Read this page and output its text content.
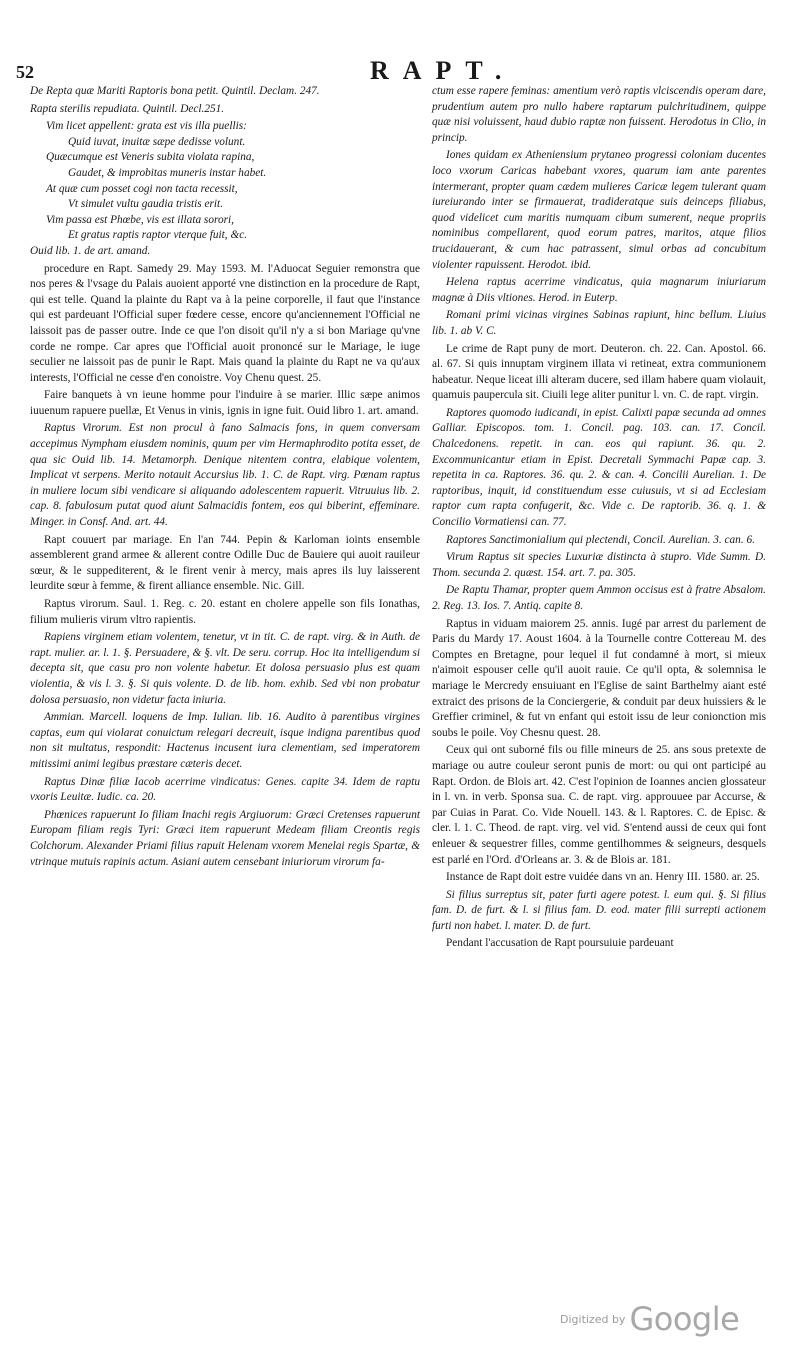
52	RAPT.

De Repta quæ Mariti Raptoris bona petit. Quintil. Declam. 247.

Rapta sterilis repudiata. Quintil. Decl.251.

Vim licet appellent: grata est vis illa puellis:
Quid iuvat, inuitæ sæpe dedisse volunt.
Quæcumque est Veneris subita violata rapina,
Gaudet, & improbitas muneris instar habet.
At quæ cum posset cogi non tacta recessit,
Vt simulet vultu gaudia tristis erit.
Vim passa est Phœbe, vis est illata sorori,
Et gratus raptis raptor vterque fuit, &c.

Ouid lib. 1. de art. amand.

procedure en Rapt. Samedy 29. May 1593. M. l'Aduocat Seguier remonstra que nos peres & l'vsage du Palais auoient apporté vne distinction en la procedure de Rapt, qui est telle. Quand la plainte du Rapt va à la peine corporelle, il faut que l'instance qui est pardeuant l'Official super fœdere cesse, encore qu'anciennement l'Official ne laissoit pas de passer outre. Inde ce que l'on disoit qu'il n'y a si bon Mariage qu'vne corde ne rompe. Car apres que l'Official auoit prononcé sur le Mariage, le iuge seculier ne laissoit pas de punir le Rapt. Mais quand la plainte du Rapt ne va qu'aux interests, l'Official ne cesse d'en conoistre. Voy Chenu quest. 25.

Faire banquets à vn ieune homme pour l'induire à se marier. Illic sæpe animos iuuenum rapuere puellæ, Et Venus in vinis, ignis in igne fuit. Ouid libro 1. art. amand.

Raptus Virorum. Est non procul à fano Salmacis fons, in quem conversam accepimus Nympham eiusdem nominis, quum per vim Hermaphrodito potita esset, de qua sic Ouid lib. 14. Metamorph. Denique nitentem contra, elabique volentem, Implicat vt serpens. Merito notauit Accursius lib. 1. C. de Rapt. virg. Pœnam raptus in muliere locum sibi vendicare si aliquando adolescentem rapuerit. Vitruuius lib. 2. cap. 8. fabulosum putat quod aiunt Salmacidis fontem, eos qui biberint, effeminare. Minger. in Consf. And. art. 44.

Rapt couuert par mariage. En l'an 744. Pepin & Karloman ioints ensemble assemblerent grand armee & allerent contre Odille Duc de Bauiere qui auoit rauileur sœur, & le suppediterent, & le firent venir à mercy, mais apres ils luy laisserent leurdite sœur à femme, & firent alliance ensemble. Nic. Gill.

Raptus virorum. Saul. 1. Reg. c. 20. estant en cholere appelle son fils Ionathas, filium mulieris virum vltro rapientis.

Rapiens virginem etiam volentem, tenetur, vt in tit. C. de rapt. virg. & in Auth. de rapt. mulier. ar. l. 1. §. Persuadere, & §. vlt. De seru. corrup. Hoc ita intelligendum si decepta sit, que casu pro non volente habetur. Et dolosa persuasio plus est quam violentia, & vis l. 3. §. Si quis volente. D. de lib. hom. exhib. Sed vbi non probatur dolosa persuasio, non videtur facta iniuria.

Ammian. Marcell. loquens de Imp. Iulian. lib. 16. Audito à parentibus virgines captas, eum qui violarat conuictum relegari decreuit, isque indigna parentibus quod non sit multatus, respondit: Hactenus incusent iura clementiam, sed imperatorem mitissimi animi legibus præstare cæteris decet.

Raptus Dinæ filiæ Iacob acerrime vindicatus: Genes. capite 34. Idem de raptu vxoris Leuitæ. Iudic. ca. 20.

Phœnices rapuerunt Io filiam Inachi regis Argiuorum: Græci Cretenses rapuerunt Europam filiam regis Tyri: Græci item rapuerunt Medeam filiam Creontis regis Colchorum. Alexander Priami filius rapuit Helenam vxorem Menelai regis Spartæ, & vtrinque mutuis rapinis actum. Asiani autem censebant iniuriorum virorum fa-

ctum esse rapere feminas: amentium verò raptis vlciscendis operam dare, prudentium autem pro nullo habere raptarum pulchritudinem, quippe quæ nisi voluissent, haud dubio raptæ non fuissent. Herodotus in Clio, in princip.

Iones quidam ex Atheniensium prytaneo progressi coloniam ducentes loco vxorum Caricas habebant vxores, quarum iam ante parentes intermerant, propter quam cædem mulieres Caricæ legem tulerant quam iureiurando inter se firmauerat, tradideratque suis deinceps filiabus, quod videlicet cum maritis numquam cibum sumerent, neque propriis nominibus compellarent, quod eorum patres, maritos, atque filios trucidauerant, & cum hac patrassent, simul orbas ad concubitum violenter rapuissent. Herodot. ibid.

Helena raptus acerrime vindicatus, quia magnarum iniuriarum magnæ à Diis vltiones. Herod. in Euterp.

Romani primi vicinas virgines Sabinas rapiunt, hinc bellum. Liuius lib. 1. ab V. C.

Le crime de Rapt puny de mort. Deuteron. ch. 22. Can. Apostol. 66. al. 67. Si quis innuptam virginem illata vi retineat, extra communionem habeatur. Neque liceat illi alteram ducere, sed illam habere quam violauit, quamuis paupercula sit. Ciuili lege aliter punitur l. vn. C. de rapt. virgin.

Raptores quomodo iudicandi, in epist. Calixti papæ secunda ad omnes Galliar. Episcopos. tom. 1. Concil. pag. 103. can. 17. Concil. Chalcedonens. repetit. in can. eos qui rapiunt. 36. qu. 2. Excommunicantur etiam in Epist. Decretali Symmachi Papæ cap. 3. repetita in ca. Raptores. 36. qu. 2. & can. 4. Concilii Aurelian. 1. De raptoribus, inquit, id constituendum esse cuiusuis, vt si ad Ecclesiam raptor cum rapta confugerit, &c. Vide c. De raptorib. 36. q. 1. & Concilio Vormatiensi can. 77.

Raptores Sanctimonialium qui plectendi, Concil. Aurelian. 3. can. 6.

Virum Raptus sit species Luxuriæ distincta à stupro. Vide Summ. D. Thom. secunda 2. quæst. 154. art. 7. pa. 305.

De Raptu Thamar, propter quem Ammon occisus est à fratre Absalom. 2. Reg. 13. Ios. 7. Antiq. capite 8.

Raptus in viduam maiorem 25. annis. Iugé par arrest du parlement de Paris du Mardy 17. Aoust 1604. à la Tournelle contre Cottereau M. des Comptes en Bretagne, pour lequel il fut condamné à mort, si mieux n'aimoit espouser celle qu'il auoit rauie. Ce qu'il opta, & solemnisa le mariage le Mercredy ensuiuant en l'Eglise de saint Barthelmy aiant esté extraict des prisons de la Conciergerie, & conduit par deux huissiers & le Greffier criminel, & fut vn enfant qui estoit issu de leur conionction mis soubs le poile. Voy Chesnu quest. 28.

Ceux qui ont suborné fils ou fille mineurs de 25. ans sous pretexte de mariage ou autre couleur seront punis de mort: ou qui ont participé au Rapt. Ordon. de Blois art. 42. C'est l'opinion de Ioannes ancien glossateur in l. vn. in verb. Sponsa sua. C. de rapt. virg. approuuee par Accurse, & par Cuias in Parat. Co. Vide Nouell. 143. & l. Raptores. C. de Episc. & cler. l. 1. C. Theod. de rapt. virg. vel vid. S'entend aussi de ceux qui font enleuer & sequestrer filles, comme gentilhommes & seigneurs, desquels est parlé en l'Ord. d'Orleans ar. 3. & de Blois ar. 181.

Instance de Rapt doit estre vuidée dans vn an. Henry III. 1580. ar. 25.

Si filius surreptus sit, pater furti agere potest. l. eum qui. §. Si filius fam. D. de furt. & l. si filius fam. D. eod. mater filii surrepti actionem furti non habet. l. mater. D. de furt.

Pendant l'accusation de Rapt poursuiuie pardeuant

Digitized by Google
